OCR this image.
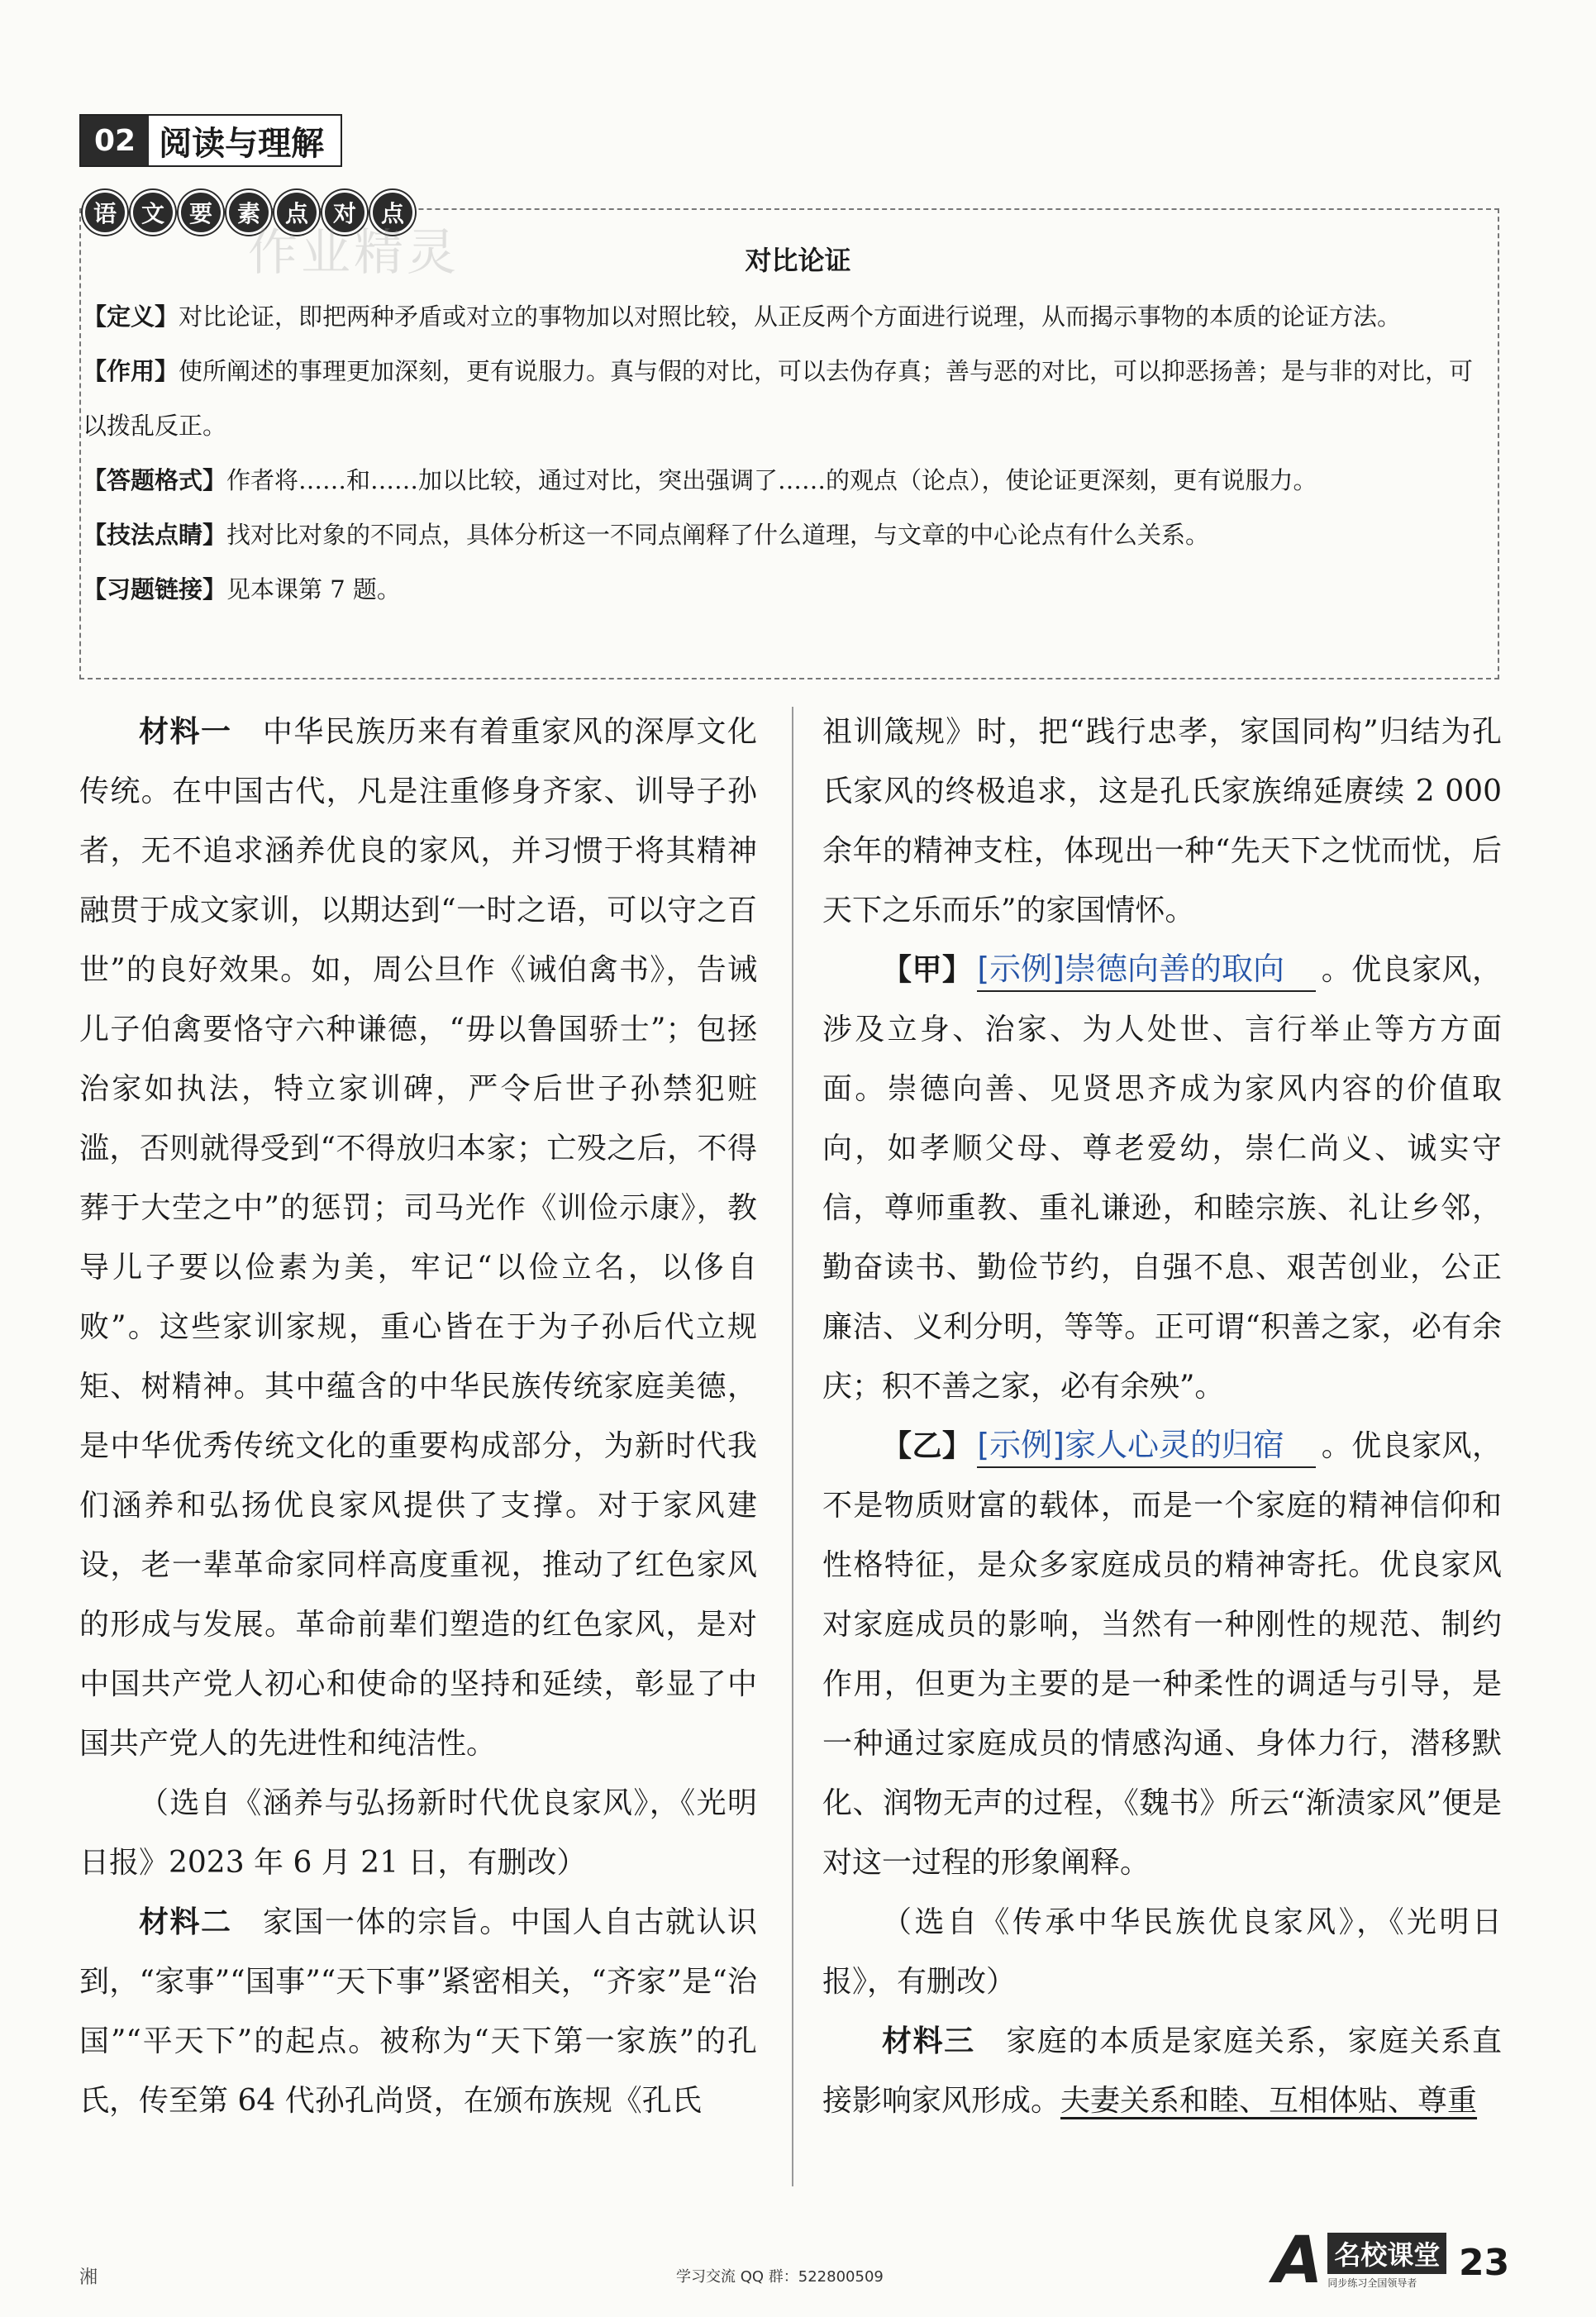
02 阅读与理解
语	文	要	素	点	对	点
作业精灵	对比论证

【定义】对比论证，即把两种矛盾或对立的事物加以对照比较，从正反两个方面进行说理，从而揭示事物的本质的论证方法。

【作用】使所阐述的事理更加深刻，更有说服力。真与假的对比，可以去伪存真；善与恶的对比，可以抑恶扬善；是与非的对比，可以拨乱反正。

【答题格式】作者将……和……加以比较，通过对比，突出强调了……的观点（论点），使论证更深刻，更有说服力。

【技法点睛】找对比对象的不同点，具体分析这一不同点阐释了什么道理，与文章的中心论点有什么关系。

【习题链接】见本课第 7 题。

材料一　 中华民族历来有着重家风的深厚文化传统。在中国古代，凡是注重修身齐家、训导子孙者，无不追求涵养优良的家风，并习惯于将其精神融贯于成文家训，以期达到“一时之语，可以守之百世”的良好效果。如，周公旦作《诫伯禽书》，告诫儿子伯禽要恪守六种谦德，“毋以鲁国骄士”；包拯治家如执法，特立家训碑，严令后世子孙禁犯赃滥，否则就得受到“不得放归本家；亡殁之后，不得葬于大茔之中”的惩罚；司马光作《训俭示康》，教导儿子要以俭素为美，牢记“以俭立名，以侈自败”。这些家训家规，重心皆在于为子孙后代立规矩、树精神。其中蕴含的中华民族传统家庭美德，是中华优秀传统文化的重要构成部分，为新时代我们涵养和弘扬优良家风提供了支撑。对于家风建设，老一辈革命家同样高度重视，推动了红色家风的形成与发展。革命前辈们塑造的红色家风，是对中国共产党人初心和使命的坚持和延续，彰显了中国共产党人的先进性和纯洁性。

（选自《涵养与弘扬新时代优良家风》，《光明日报》2023 年 6 月 21 日，有删改）

材料二　 家国一体的宗旨。中国人自古就认识到，“家事”“国事”“天下事”紧密相关，“齐家”是“治国”“平天下”的起点。被称为“天下第一家族”的孔氏，传至第 64 代孙孔尚贤，在颁布族规《孔氏

祖训箴规》时，把“践行忠孝，家国同构”归结为孔氏家风的终极追求，这是孔氏家族绵延赓续 2 000 余年的精神支柱，体现出一种“先天下之忧而忧，后天下之乐而乐”的家国情怀。

【甲】 [示例]崇德向善的取向 。优良家风，涉及立身、治家、为人处世、言行举止等方方面面。崇德向善、见贤思齐成为家风内容的价值取向，如孝顺父母、尊老爱幼，崇仁尚义、诚实守信，尊师重教、重礼谦逊，和睦宗族、礼让乡邻，勤奋读书、勤俭节约，自强不息、艰苦创业，公正廉洁、义利分明，等等。正可谓“积善之家，必有余庆；积不善之家，必有余殃”。

【乙】 [示例]家人心灵的归宿 。优良家风，不是物质财富的载体，而是一个家庭的精神信仰和性格特征，是众多家庭成员的精神寄托。优良家风对家庭成员的影响，当然有一种刚性的规范、制约作用，但更为主要的是一种柔性的调适与引导，是一种通过家庭成员的情感沟通、身体力行，潜移默化、润物无声的过程，《魏书》所云“渐渍家风”便是对这一过程的形象阐释。

（选自《传承中华民族优良家风》，《光明日报》，有删改）

材料三　 家庭的本质是家庭关系，家庭关系直接影响家风形成。夫妻关系和睦、互相体贴、尊重

湘	学习交流 QQ 群：522800509	A 名校课堂
同步练习全国领导者	23
